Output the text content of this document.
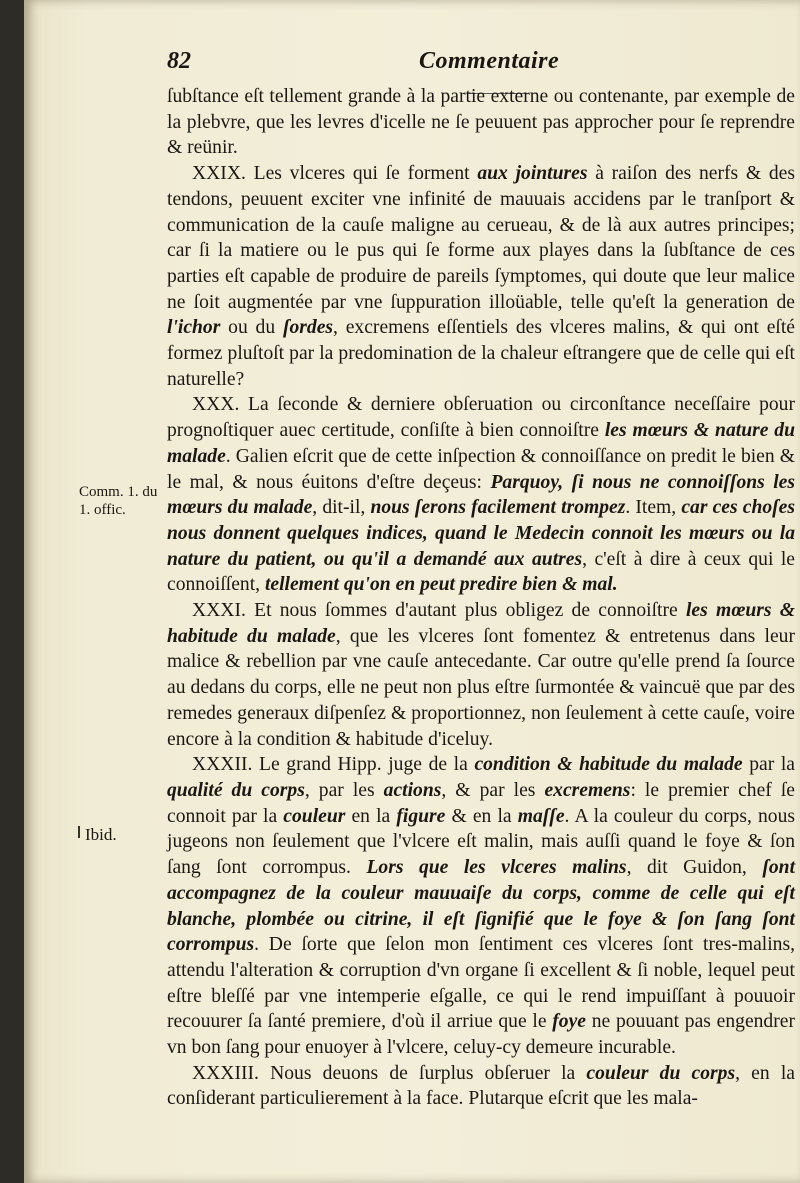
82	Commentaire
Comm. 1. du 1. offic.
Ibid.

ſubſtance eſt tellement grande à la partie externe ou contenante, par exemple de la plebvre, que les levres d'icelle ne ſe peuuent pas approcher pour ſe reprendre & reünir.

XXIX. Les vlceres qui ſe forment aux jointures à raiſon des nerfs & des tendons, peuuent exciter vne infinité de mauuais accidens par le tranſport & communication de la cauſe maligne au cerueau, & de là aux autres principes; car ſi la matiere ou le pus qui ſe forme aux playes dans la ſubſtance de ces parties eſt capable de produire de pareils ſymptomes, qui doute que leur malice ne ſoit augmentée par vne ſuppuration illoüable, telle qu'eſt la generation de l'ichor ou du ſordes, excremens eſſentiels des vlceres malins, & qui ont eſté formez pluſtoſt par la predomination de la chaleur eſtrangere que de celle qui eſt naturelle?

XXX. La ſeconde & derniere obſeruation ou circonſtance neceſſaire pour prognoſtiquer auec certitude, conſiſte à bien connoiſtre les mœurs & nature du malade. Galien eſcrit que de cette inſpection & connoiſſance on predit le bien & le mal, & nous éuitons d'eſtre deçeus: Parquoy, ſi nous ne connoiſſons les mœurs du malade, dit-il, nous ſerons facilement trompez. Item, car ces choſes nous donnent quelques indices, quand le Medecin connoit les mœurs ou la nature du patient, ou qu'il a demandé aux autres, c'eſt à dire à ceux qui le connoiſſent, tellement qu'on en peut predire bien & mal.

XXXI. Et nous ſommes d'autant plus obligez de connoiſtre les mœurs & habitude du malade, que les vlceres ſont fomentez & entretenus dans leur malice & rebellion par vne cauſe antecedante. Car outre qu'elle prend ſa ſource au dedans du corps, elle ne peut non plus eſtre ſurmontée & vaincuë que par des remedes generaux diſpenſez & proportionnez, non ſeulement à cette cauſe, voire encore à la condition & habitude d'iceluy.

XXXII. Le grand Hipp. juge de la condition & habitude du malade par la qualité du corps, par les actions, & par les excremens: le premier chef ſe connoit par la couleur en la figure & en la maſſe. A la couleur du corps, nous jugeons non ſeulement que l'vlcere eſt malin, mais auſſi quand le foye & ſon ſang ſont corrompus. Lors que les vlceres malins, dit Guidon, ſont accompagnez de la couleur mauuaiſe du corps, comme de celle qui eſt blanche, plombée ou citrine, il eſt ſignifié que le foye & ſon ſang ſont corrompus. De ſorte que ſelon mon ſentiment ces vlceres ſont tres-malins, attendu l'alteration & corruption d'vn organe ſi excellent & ſi noble, lequel peut eſtre bleſſé par vne intemperie eſgalle, ce qui le rend impuiſſant à pouuoir recouurer ſa ſanté premiere, d'où il arriue que le foye ne pouuant pas engendrer vn bon ſang pour enuoyer à l'vlcere, celuy-cy demeure incurable.

XXXIII. Nous deuons de ſurplus obſeruer la couleur du corps, en la conſiderant particulierement à la face. Plutarque eſcrit que les mala-
